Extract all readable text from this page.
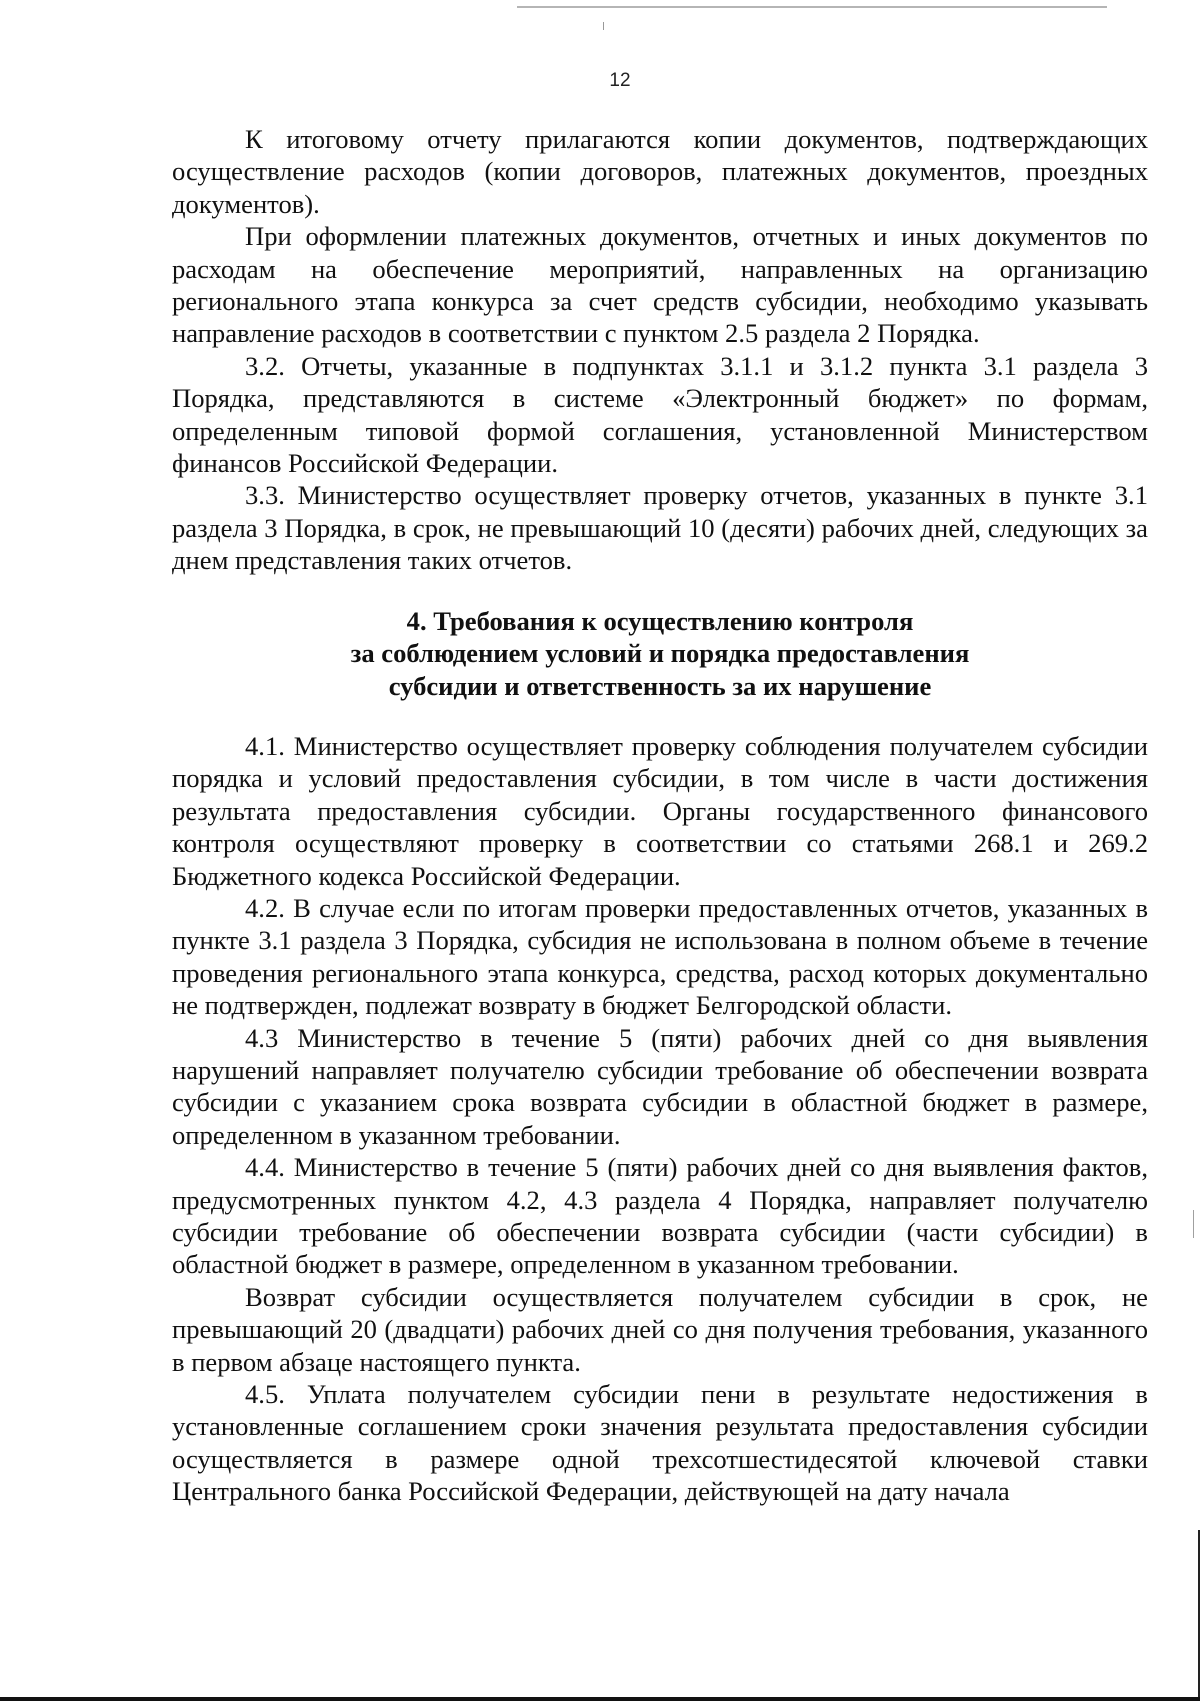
12

К итоговому отчету прилагаются копии документов, подтверждающих осуществление расходов (копии договоров, платежных документов, проездных документов).

При оформлении платежных документов, отчетных и иных документов по расходам на обеспечение мероприятий, направленных на организацию регионального этапа конкурса за счет средств субсидии, необходимо указывать направление расходов в соответствии с пунктом 2.5 раздела 2 Порядка.

3.2. Отчеты, указанные в подпунктах 3.1.1 и 3.1.2 пункта 3.1 раздела 3 Порядка, представляются в системе «Электронный бюджет» по формам, определенным типовой формой соглашения, установленной Министерством финансов Российской Федерации.

3.3. Министерство осуществляет проверку отчетов, указанных в пункте 3.1 раздела 3 Порядка, в срок, не превышающий 10 (десяти) рабочих дней, следующих за днем представления таких отчетов.

4. Требования к осуществлению контроля
за соблюдением условий и порядка предоставления
субсидии и ответственность за их нарушение

4.1. Министерство осуществляет проверку соблюдения получателем субсидии порядка и условий предоставления субсидии, в том числе в части достижения результата предоставления субсидии. Органы государственного финансового контроля осуществляют проверку в соответствии со статьями 268.1 и 269.2 Бюджетного кодекса Российской Федерации.

4.2. В случае если по итогам проверки предоставленных отчетов, указанных в пункте 3.1 раздела 3 Порядка, субсидия не использована в полном объеме в течение проведения регионального этапа конкурса, средства, расход которых документально не подтвержден, подлежат возврату в бюджет Белгородской области.

4.3 Министерство в течение 5 (пяти) рабочих дней со дня выявления нарушений направляет получателю субсидии требование об обеспечении возврата субсидии с указанием срока возврата субсидии в областной бюджет в размере, определенном в указанном требовании.

4.4. Министерство в течение 5 (пяти) рабочих дней со дня выявления фактов, предусмотренных пунктом 4.2, 4.3 раздела 4 Порядка, направляет получателю субсидии требование об обеспечении возврата субсидии (части субсидии) в областной бюджет в размере, определенном в указанном требовании.

Возврат субсидии осуществляется получателем субсидии в срок, не превышающий 20 (двадцати) рабочих дней со дня получения требования, указанного в первом абзаце настоящего пункта.

4.5. Уплата получателем субсидии пени в результате недостижения в установленные соглашением сроки значения результата предоставления субсидии осуществляется в размере одной трехсотшестидесятой ключевой ставки Центрального банка Российской Федерации, действующей на дату начала
